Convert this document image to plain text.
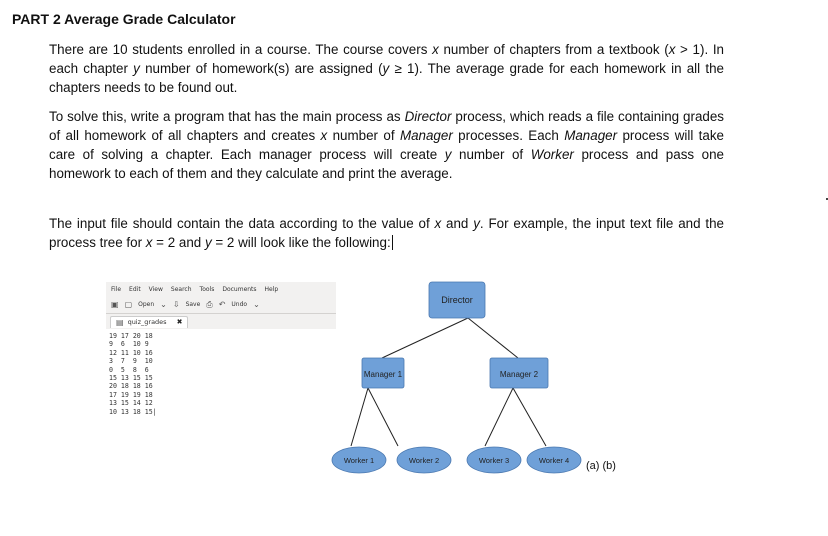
PART 2 Average Grade Calculator

There are 10 students enrolled in a course. The course covers x number of chapters from a textbook (x > 1). In each chapter y number of homework(s) are assigned (y ≥ 1). The average grade for each homework in all the chapters needs to be found out.

To solve this, write a program that has the main process as Director process, which reads a file containing grades of all homework of all chapters and creates x number of Manager processes. Each Manager process will take care of solving a chapter. Each manager process will create y number of Worker process and pass one homework to each of them and they calculate and print the average.

The input file should contain the data according to the value of x and y. For example, the input text file and the process tree for x = 2 and y = 2 will look like the following:

File Edit View Search Tools Documents Help
▣ ▢ Open ⌄ ⇩ Save ⎙ ↶ Undo ⌄
▤ quiz_grades ✖
19 17 20 18
9  6  10 9
12 11 10 16
3  7  9  10
0  5  8  6
15 13 15 15
20 18 18 16
17 19 19 18
13 15 14 12
10 13 18 15|
Director
Manager 1	Manager 2
Worker 1	Worker 2	Worker 3	Worker 4 (a) (b)
